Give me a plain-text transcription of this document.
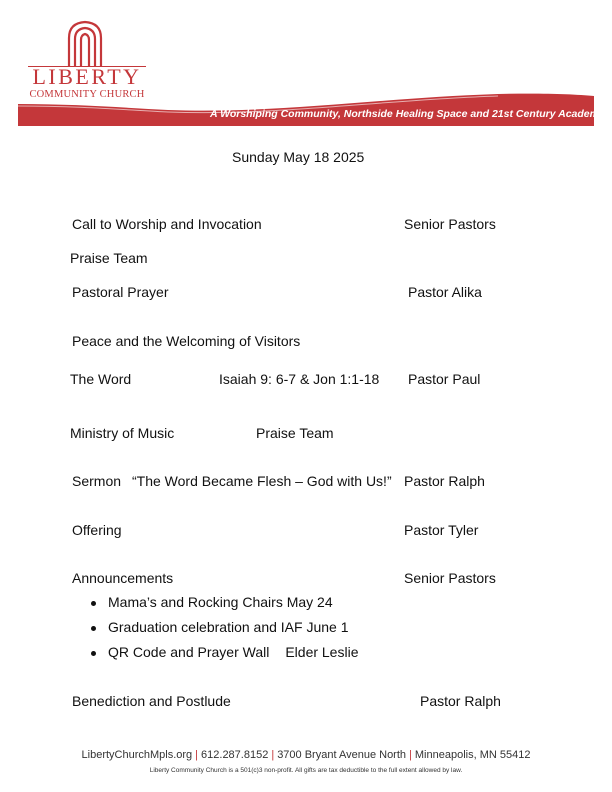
LIBERTY
COMMUNITY CHURCH
A Worshiping Community, Northside Healing Space and 21st Century Academy
Sunday May 18 2025
Call to Worship and Invocation	Senior Pastors
Praise Team
Pastoral Prayer	Pastor Alika
Peace and the Welcoming of Visitors
The Word	Isaiah 9: 6-7 & Jon 1:1-18 Pastor Paul
Ministry of Music	Praise Team
Sermon “The Word Became Flesh – God with Us!” Pastor Ralph
Offering	Pastor Tyler
Announcements	Senior Pastors
Mama’s and Rocking Chairs May 24
Graduation celebration and IAF June 1
QR Code and Prayer Wall Elder Leslie
Benediction and Postlude	Pastor Ralph
LibertyChurchMpls.org | 612.287.8152 | 3700 Bryant Avenue North | Minneapolis, MN 55412
Liberty Community Church is a 501(c)3 non-profit. All gifts are tax deductible to the full extent allowed by law.
